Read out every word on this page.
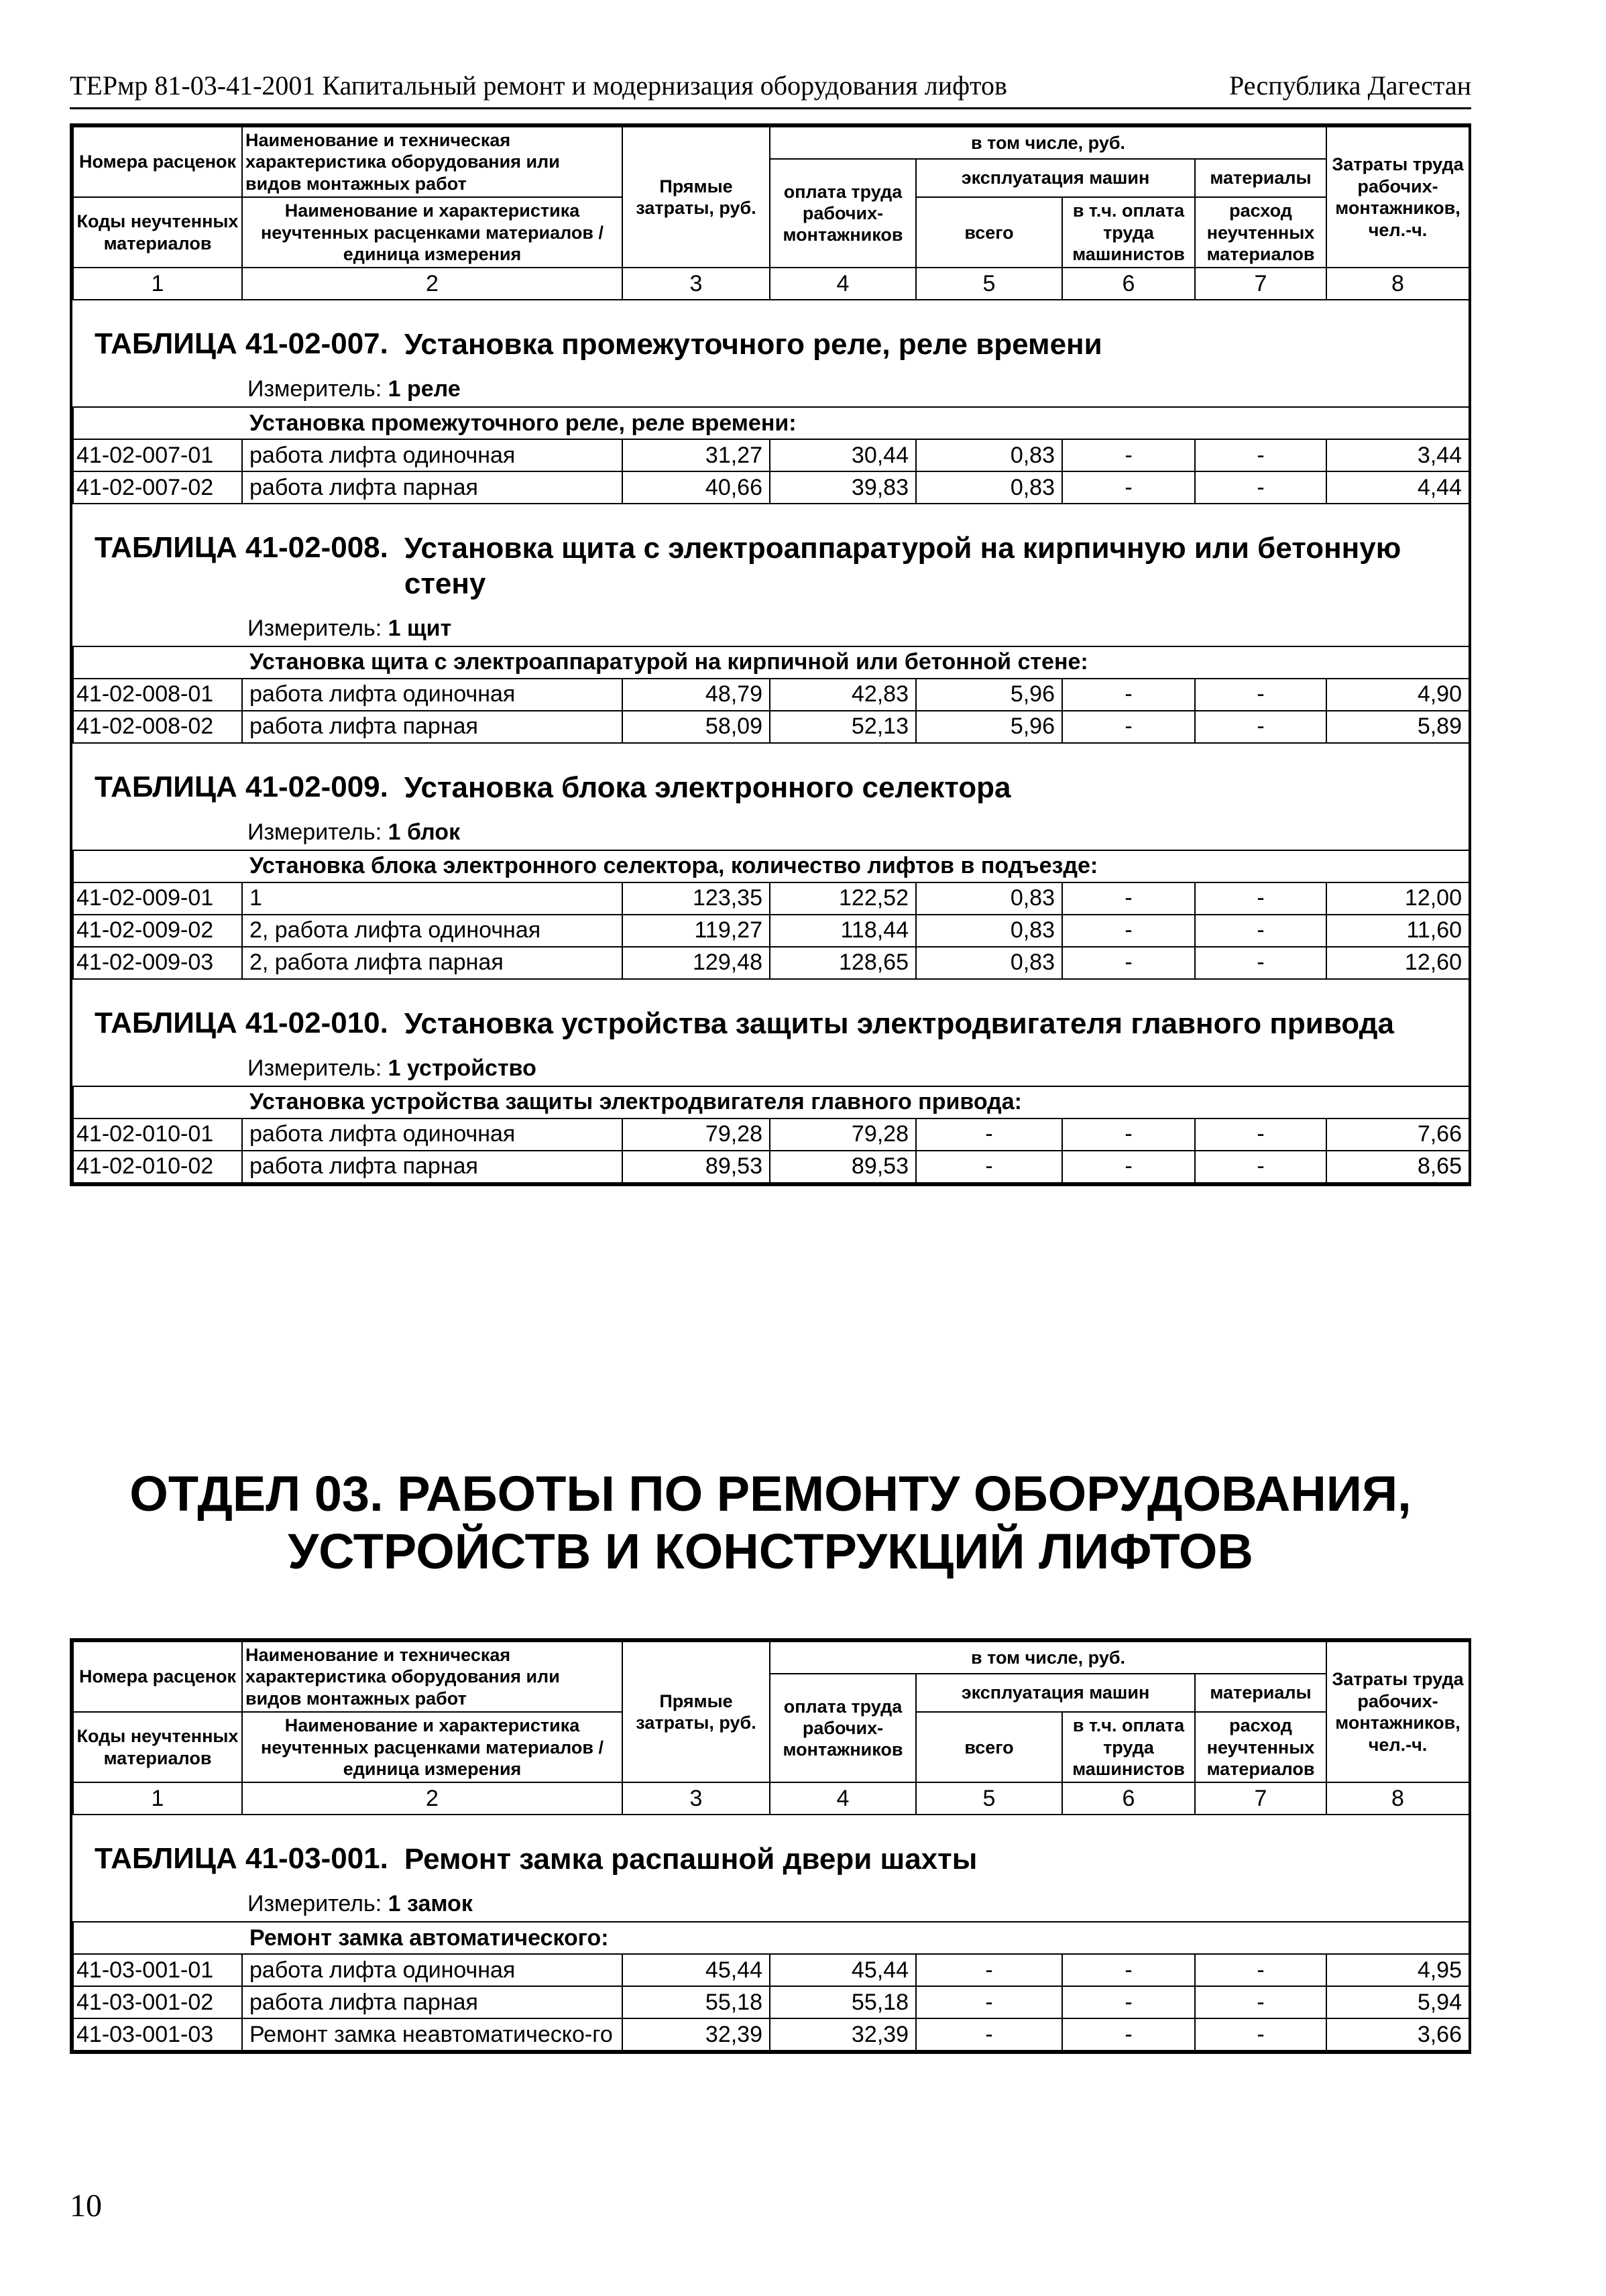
ТЕРмр 81-03-41-2001 Капитальный ремонт и модернизация оборудования лифтов	Республика Дагестан
Номера расценок	Наименование и техническая характеристика оборудования или видов монтажных работ	Прямые затраты, руб.	в том числе, руб.				Затраты труда рабочих-монтажников, чел.-ч.
			оплата труда рабочих-монтажников	эксплуатация машин		материалы	
Коды неучтенных материалов	Наименование и характеристика неучтенных расценками материалов / единица измерения			всего	в т.ч. оплата труда машинистов	расход неучтенных материалов	

1	2	3	4	5	6	7	8

ТАБЛИЦА 41-02-007. Установка промежуточного реле, реле времени
Измеритель: 1 реле							

Установка промежуточного реле, реле времени:							
41-02-007-01	работа лифта одиночная	31,27	30,44	0,83	-	-	3,44
41-02-007-02	работа лифта парная	40,66	39,83	0,83	-	-	4,44

ТАБЛИЦА 41-02-008. Установка щита с электроаппаратурой на кирпичную или бетонную стену
Измеритель: 1 щит							

Установка щита с электроаппаратурой на кирпичной или бетонной стене:							
41-02-008-01	работа лифта одиночная	48,79	42,83	5,96	-	-	4,90
41-02-008-02	работа лифта парная	58,09	52,13	5,96	-	-	5,89

ТАБЛИЦА 41-02-009. Установка блока электронного селектора
Измеритель: 1 блок							

Установка блока электронного селектора, количество лифтов в подъезде:							
41-02-009-01	1	123,35	122,52	0,83	-	-	12,00
41-02-009-02	2, работа лифта одиночная	119,27	118,44	0,83	-	-	11,60
41-02-009-03	2, работа лифта парная	129,48	128,65	0,83	-	-	12,60

ТАБЛИЦА 41-02-010. Установка устройства защиты электродвигателя главного привода
Измеритель: 1 устройство							

Установка устройства защиты электродвигателя главного привода:							
41-02-010-01	работа лифта одиночная	79,28	79,28	-	-	-	7,66
41-02-010-02	работа лифта парная	89,53	89,53	-	-	-	8,65
ОТДЕЛ 03. РАБОТЫ ПО РЕМОНТУ ОБОРУДОВАНИЯ, УСТРОЙСТВ И КОНСТРУКЦИЙ ЛИФТОВ
Номера расценок	Наименование и техническая характеристика оборудования или видов монтажных работ	Прямые затраты, руб.	в том числе, руб.				Затраты труда рабочих-монтажников, чел.-ч.
			оплата труда рабочих-монтажников	эксплуатация машин		материалы	
Коды неучтенных материалов	Наименование и характеристика неучтенных расценками материалов / единица измерения			всего	в т.ч. оплата труда машинистов	расход неучтенных материалов	

1	2	3	4	5	6	7	8

ТАБЛИЦА 41-03-001. Ремонт замка распашной двери шахты
Измеритель: 1 замок							

Ремонт замка автоматического:							
41-03-001-01	работа лифта одиночная	45,44	45,44	-	-	-	4,95
41-03-001-02	работа лифта парная	55,18	55,18	-	-	-	5,94
41-03-001-03	Ремонт замка неавтоматическо-го	32,39	32,39	-	-	-	3,66
10
